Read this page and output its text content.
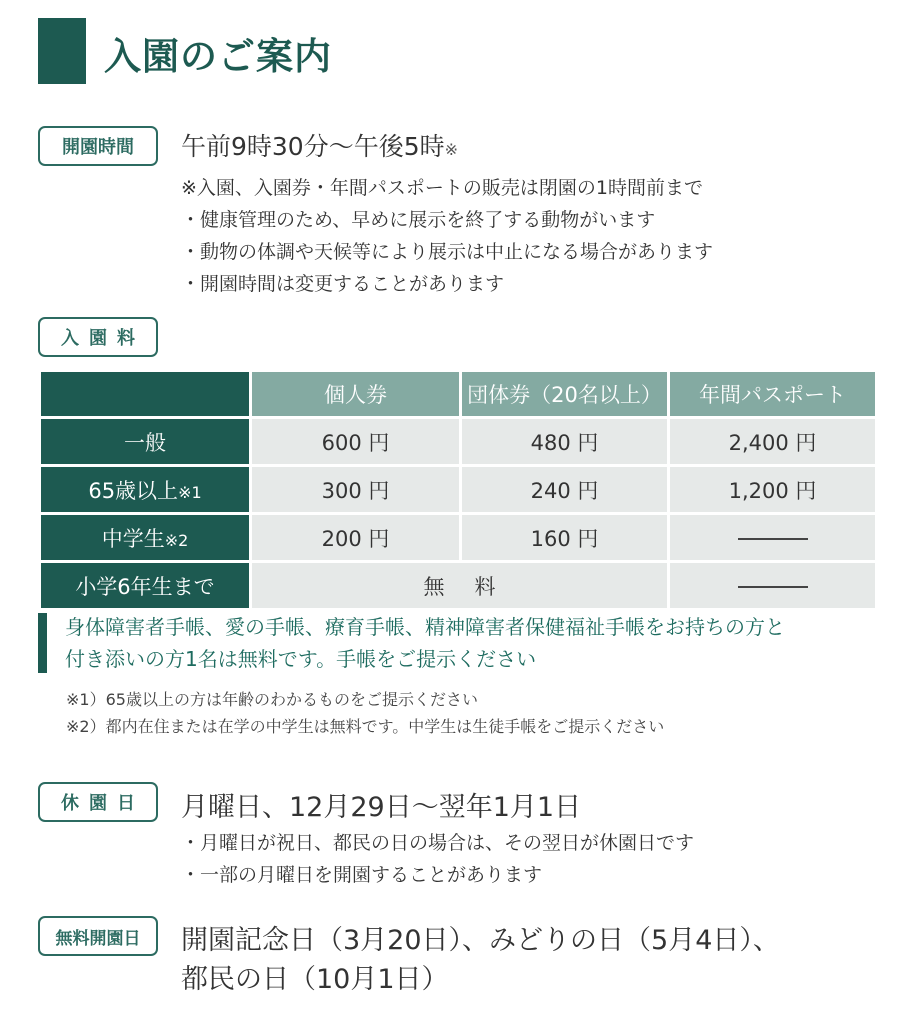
入園のご案内
開園時間	午前9時30分～午後5時※
※入園、入園券・年間パスポートの販売は閉園の1時間前まで
・健康管理のため、早めに展示を終了する動物がいます
・動物の体調や天候等により展示は中止になる場合があります
・開園時間は変更することがあります
入園料
	個人券	団体券（20名以上）	年間パスポート
一般	600 円	480 円	2,400 円
65歳以上※1	300 円	240 円	1,200 円
中学生※2	200 円	160 円	
小学6年生まで	無料		

身体障害者手帳、愛の手帳、療育手帳、精神障害者保健福祉手帳をお持ちの方と
付き添いの方1名は無料です。手帳をご提示ください

※1）65歳以上の方は年齢のわかるものをご提示ください
※2）都内在住または在学の中学生は無料です。中学生は生徒手帳をご提示ください
休園日	月曜日、12月29日～翌年1月1日
・月曜日が祝日、都民の日の場合は、その翌日が休園日です
・一部の月曜日を開園することがあります
無料開園日	開園記念日（3月20日）、みどりの日（5月4日）、
都民の日（10月1日）
